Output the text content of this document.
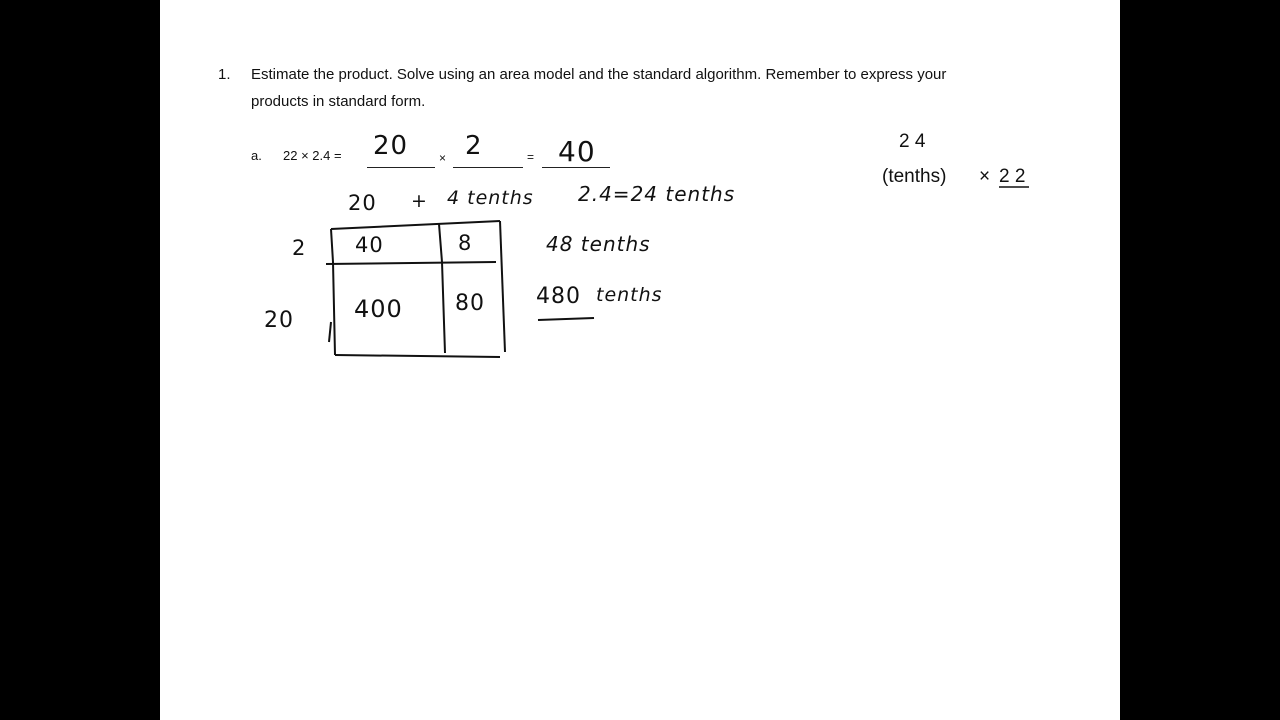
1. Estimate the product. Solve using an area model and the standard algorithm. Remember to express your
products in standard form.
a. 22 × 2.4 =	×	=
20 2	40
20 + 4 tenths 2.4=24 tenths
2
20
40	8
400 80
48 tenths
480 tenths
2 4
(tenths) × 2 2
